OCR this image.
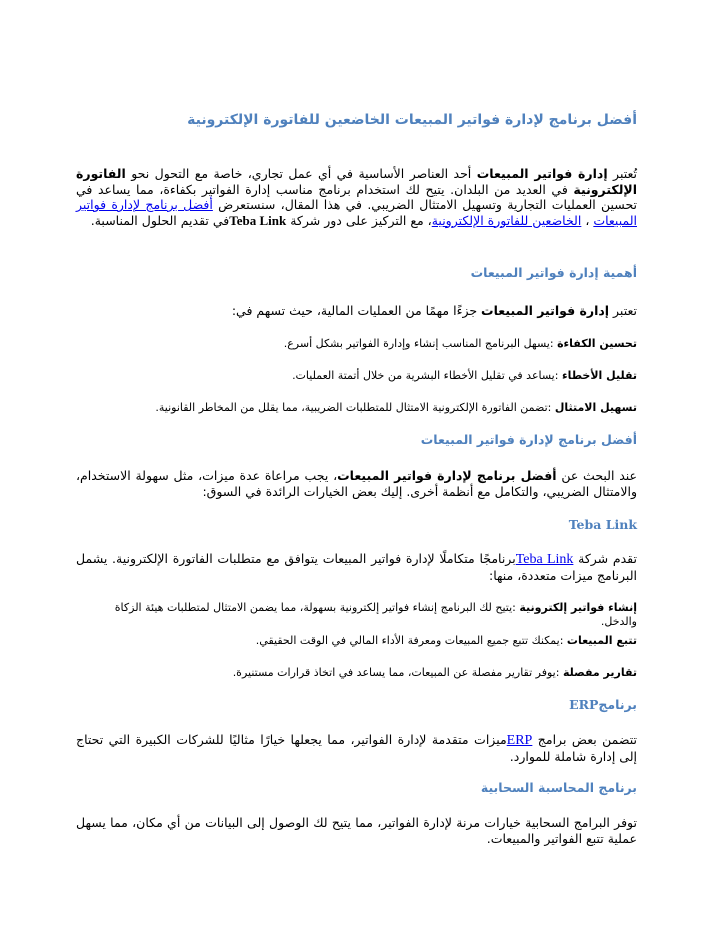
أفضل برنامج لإدارة فواتير المبيعات الخاضعين للفاتورة الإلكترونية

تُعتبر إدارة فواتير المبيعات أحد العناصر الأساسية في أي عمل تجاري، خاصة مع التحول نحو الفاتورة الإلكترونية في العديد من البلدان. يتيح لك استخدام برنامج مناسب إدارة الفواتير بكفاءة، مما يساعد في تحسين العمليات التجارية وتسهيل الامتثال الضريبي. في هذا المقال، سنستعرض أفضل برنامج لإدارة فواتير المبيعات ، الخاضعين للفاتورة الإلكترونية، مع التركيز على دور شركة Teba Linkفي تقديم الحلول المناسبة.

أهمية إدارة فواتير المبيعات

تعتبر إدارة فواتير المبيعات جزءًا مهمًا من العمليات المالية، حيث تسهم في:

تحسين الكفاءة :يسهل البرنامج المناسب إنشاء وإدارة الفواتير بشكل أسرع.
تقليل الأخطاء :يساعد في تقليل الأخطاء البشرية من خلال أتمتة العمليات.
تسهيل الامتثال :تضمن الفاتورة الإلكترونية الامتثال للمتطلبات الضريبية، مما يقلل من المخاطر القانونية.
أفضل برنامج لإدارة فواتير المبيعات

عند البحث عن أفضل برنامج لإدارة فواتير المبيعات، يجب مراعاة عدة ميزات، مثل سهولة الاستخدام، والامتثال الضريبي، والتكامل مع أنظمة أخرى. إليك بعض الخيارات الرائدة في السوق:

Teba Link

تقدم شركة Teba Linkبرنامجًا متكاملًا لإدارة فواتير المبيعات يتوافق مع متطلبات الفاتورة الإلكترونية. يشمل البرنامج ميزات متعددة، منها:

إنشاء فواتير إلكترونية :يتيح لك البرنامج إنشاء فواتير إلكترونية بسهولة، مما يضمن الامتثال لمتطلبات هيئة الزكاة والدخل.
تتبع المبيعات :يمكنك تتبع جميع المبيعات ومعرفة الأداء المالي في الوقت الحقيقي.
تقارير مفصلة :يوفر تقارير مفصلة عن المبيعات، مما يساعد في اتخاذ قرارات مستنيرة.
برنامجERP

تتضمن بعض برامج ERPميزات متقدمة لإدارة الفواتير، مما يجعلها خيارًا مثاليًا للشركات الكبيرة التي تحتاج إلى إدارة شاملة للموارد.

برنامج المحاسبة السحابية

توفر البرامج السحابية خيارات مرنة لإدارة الفواتير، مما يتيح لك الوصول إلى البيانات من أي مكان، مما يسهل عملية تتبع الفواتير والمبيعات.
